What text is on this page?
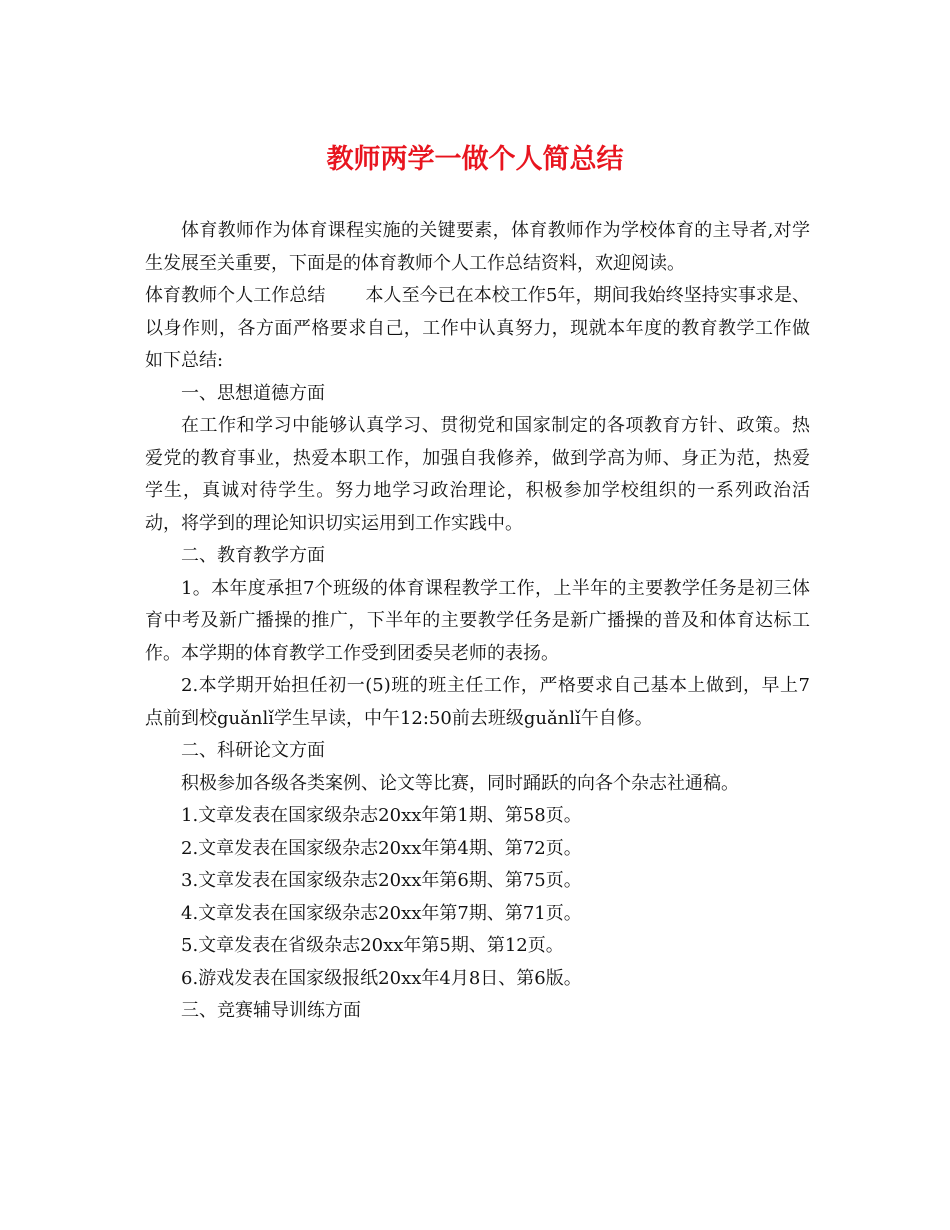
教师两学一做个人简总结

体育教师作为体育课程实施的关键要素，体育教师作为学校体育的主导者,对学生发展至关重要，下面是的体育教师个人工作总结资料，欢迎阅读。

体育教师个人工作总结 本人至今已在本校工作5年，期间我始终坚持实事求是、以身作则，各方面严格要求自己，工作中认真努力，现就本年度的教育教学工作做如下总结:

一、思想道德方面

在工作和学习中能够认真学习、贯彻党和国家制定的各项教育方针、政策。热爱党的教育事业，热爱本职工作，加强自我修养，做到学高为师、身正为范，热爱学生，真诚对待学生。努力地学习政治理论，积极参加学校组织的一系列政治活动，将学到的理论知识切实运用到工作实践中。

二、教育教学方面

1。本年度承担7个班级的体育课程教学工作，上半年的主要教学任务是初三体育中考及新广播操的推广，下半年的主要教学任务是新广播操的普及和体育达标工作。本学期的体育教学工作受到团委吴老师的表扬。

2.本学期开始担任初一(5)班的班主任工作，严格要求自己基本上做到，早上7点前到校guǎnlǐ学生早读，中午12:50前去班级guǎnlǐ午自修。

二、科研论文方面

积极参加各级各类案例、论文等比赛，同时踊跃的向各个杂志社通稿。

1.文章发表在国家级杂志20xx年第1期、第58页。

2.文章发表在国家级杂志20xx年第4期、第72页。

3.文章发表在国家级杂志20xx年第6期、第75页。

4.文章发表在国家级杂志20xx年第7期、第71页。

5.文章发表在省级杂志20xx年第5期、第12页。

6.游戏发表在国家级报纸20xx年4月8日、第6版。

三、竞赛辅导训练方面
